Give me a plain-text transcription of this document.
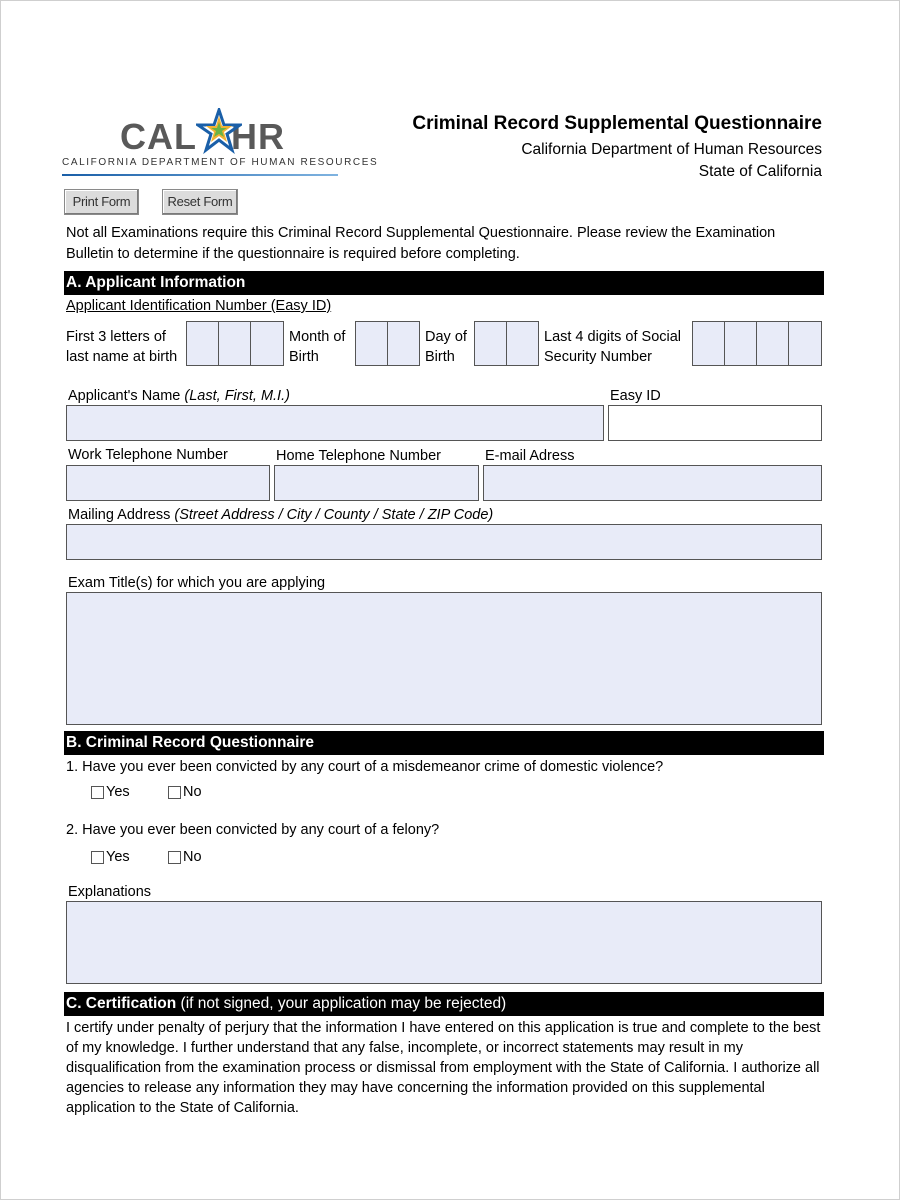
CAL HR
CALIFORNIA DEPARTMENT OF HUMAN RESOURCES
Criminal Record Supplemental Questionnaire
California Department of Human Resources
State of California
Print Form	Reset Form
Not all Examinations require this Criminal Record Supplemental Questionnaire. Please review the Examination Bulletin to determine if the questionnaire is required before completing.
A. Applicant Information
Applicant Identification Number (Easy ID)
First 3 letters of last name at birth
Month of Birth
Day of Birth
Last 4 digits of Social Security Number
Applicant's Name (Last, First, M.I.)	Easy ID
Work Telephone Number	Home Telephone Number	E-mail Adress
Mailing Address (Street Address / City / County / State / ZIP Code)
Exam Title(s) for which you are applying
B. Criminal Record Questionnaire
1. Have you ever been convicted by any court of a misdemeanor crime of domestic violence?
Yes	No
2. Have you ever been convicted by any court of a felony?
Yes	No
Explanations
C. Certification (if not signed, your application may be rejected)
I certify under penalty of perjury that the information I have entered on this application is true and complete to the best of my knowledge. I further understand that any false, incomplete, or incorrect statements may result in my disqualification from the examination process or dismissal from employment with the State of California. I authorize all agencies to release any information they may have concerning the information provided on this supplemental application to the State of California.
